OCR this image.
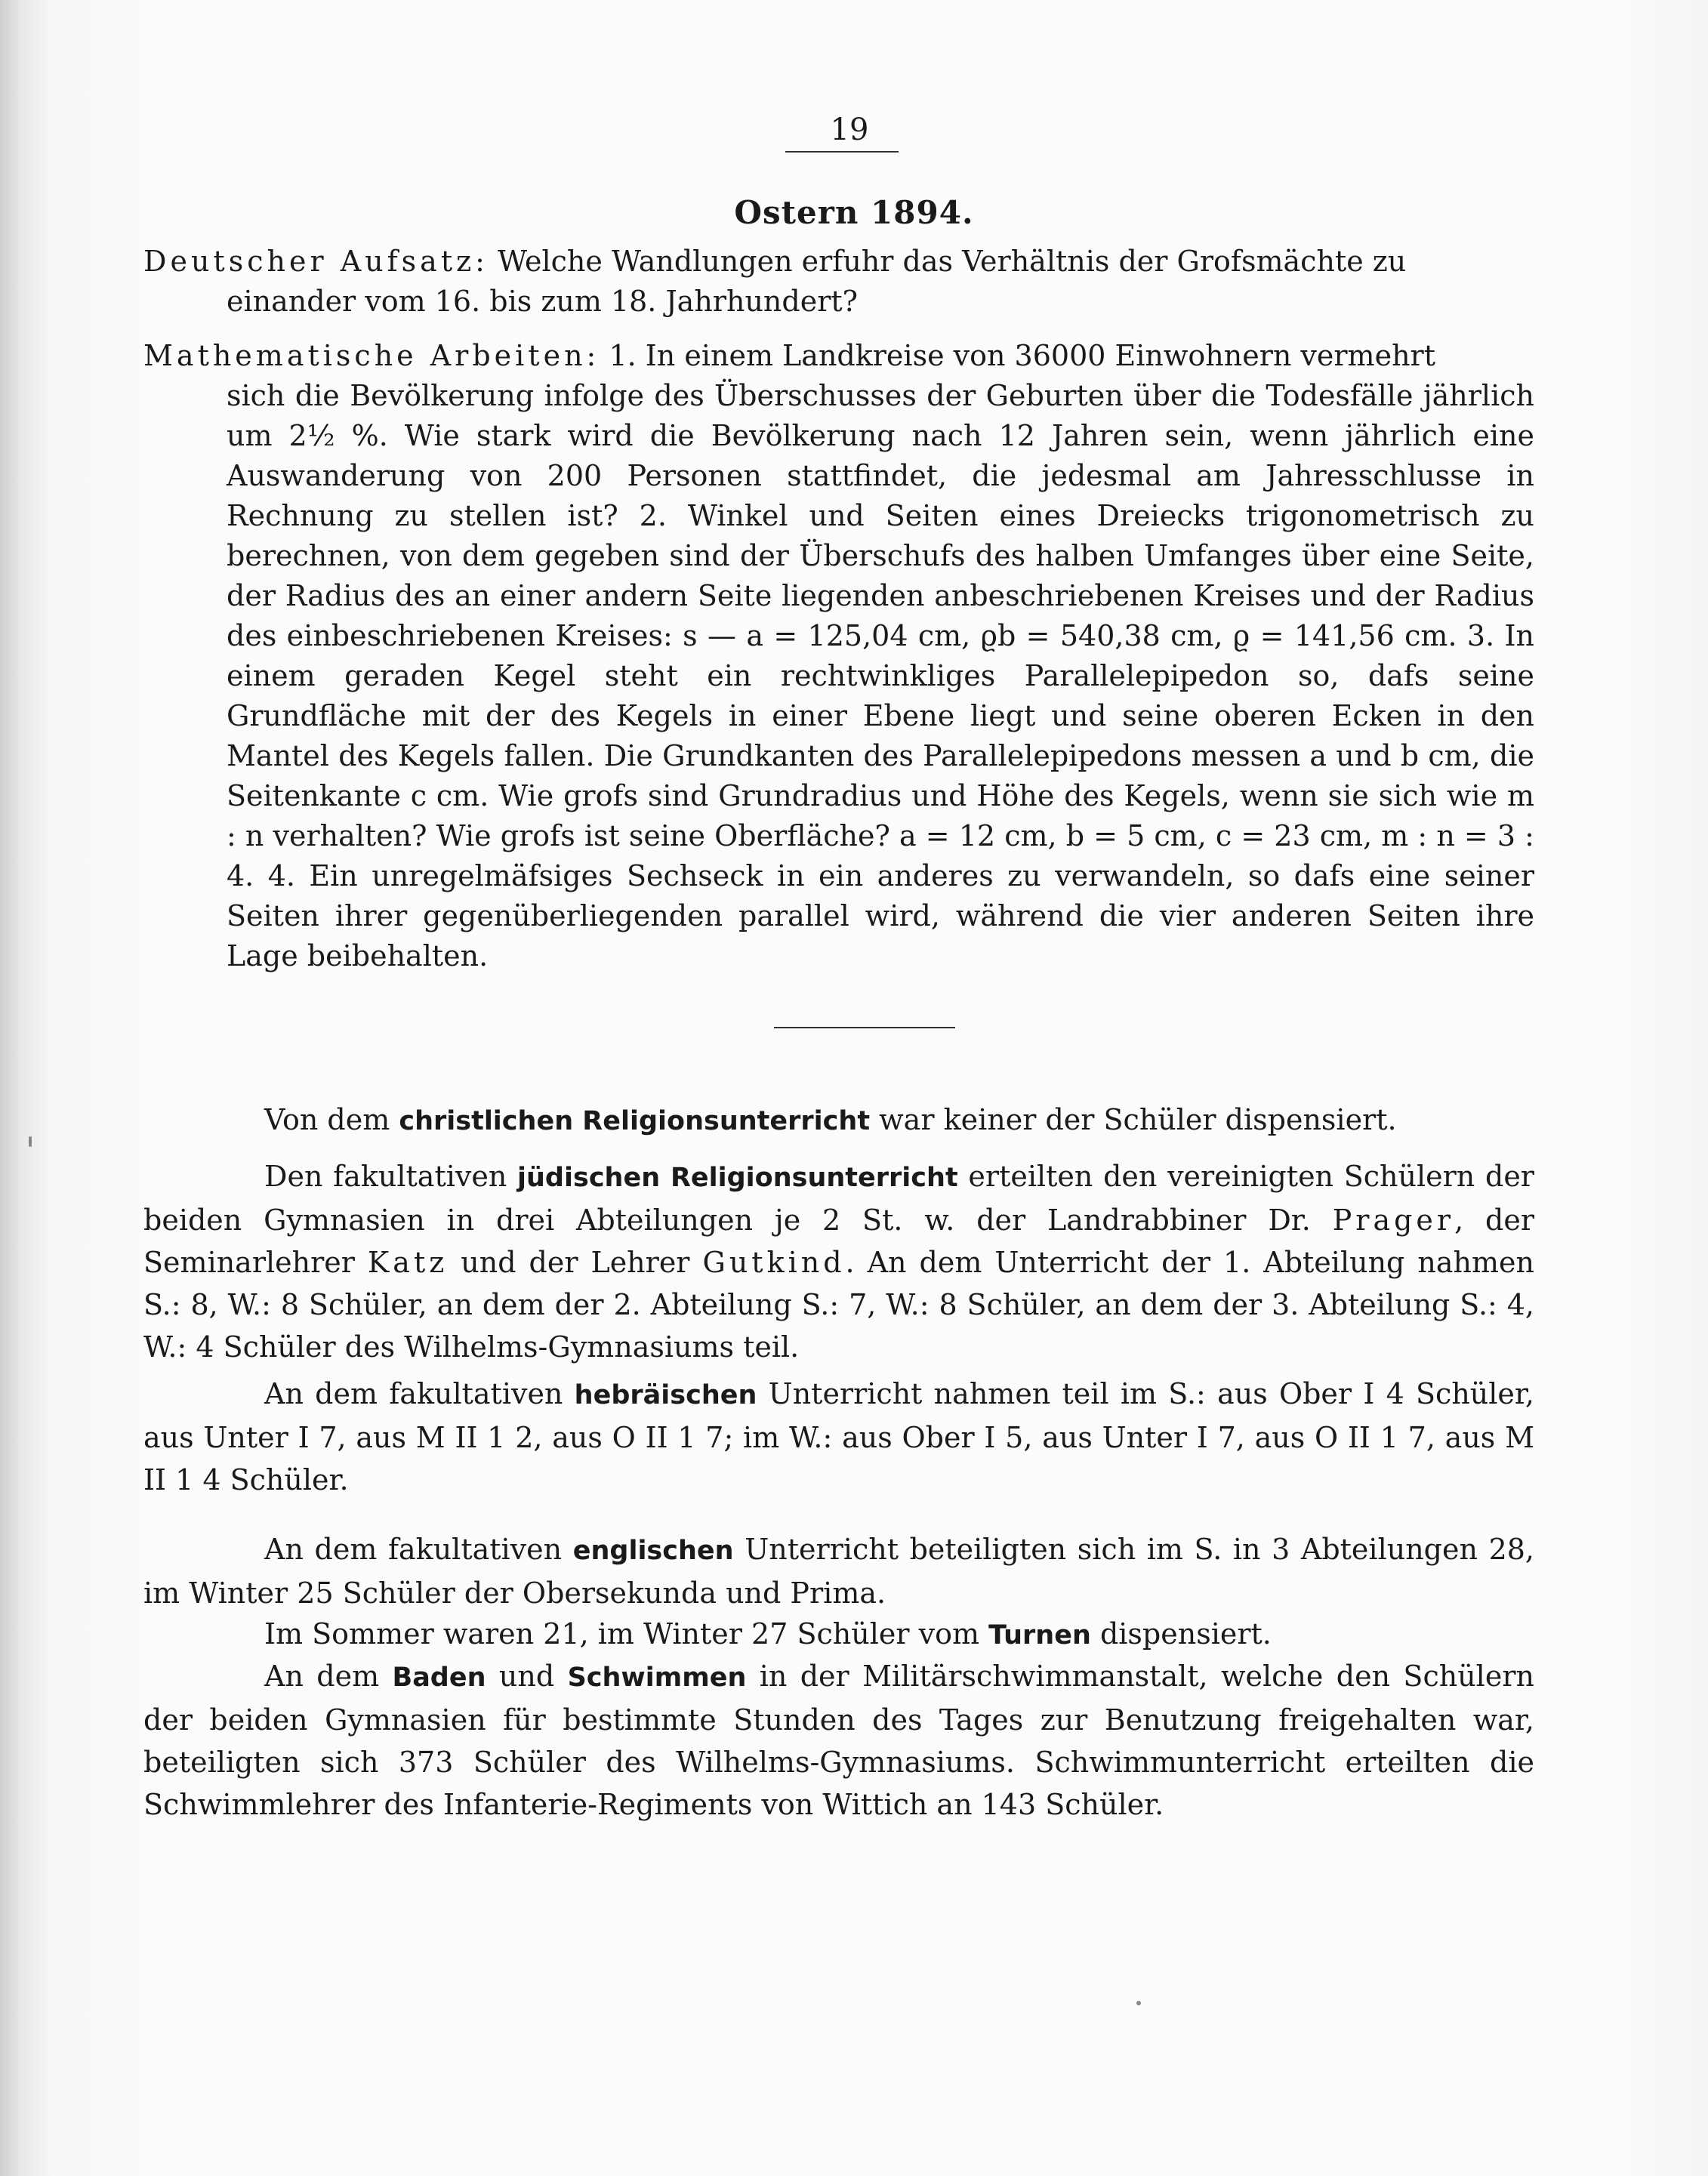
19
Ostern 1894.

Deutscher Aufsatz: Welche Wandlungen erfuhr das Verhältnis der Grofsmächte zu
einander vom 16. bis zum 18. Jahrhundert?

Mathematische Arbeiten: 1. In einem Landkreise von 36000 Einwohnern vermehrt
sich die Bevölkerung infolge des Überschusses der Geburten über die Todesfälle jährlich um 2½ %. Wie stark wird die Bevölkerung nach 12 Jahren sein, wenn jährlich eine Auswanderung von 200 Personen stattfindet, die jedesmal am Jahresschlusse in Rechnung zu stellen ist? 2. Winkel und Seiten eines Dreiecks trigonometrisch zu berechnen, von dem gegeben sind der Überschufs des halben Umfanges über eine Seite, der Radius des an einer andern Seite liegenden anbeschriebenen Kreises und der Radius des einbeschriebenen Kreises: s — a = 125,04 cm, ϱb = 540,38 cm, ϱ = 141,56 cm. 3. In einem geraden Kegel steht ein rechtwinkliges Parallelepipedon so, dafs seine Grundfläche mit der des Kegels in einer Ebene liegt und seine oberen Ecken in den Mantel des Kegels fallen. Die Grundkanten des Parallelepipedons messen a und b cm, die Seitenkante c cm. Wie grofs sind Grundradius und Höhe des Kegels, wenn sie sich wie m : n verhalten? Wie grofs ist seine Oberfläche? a = 12 cm, b = 5 cm, c = 23 cm, m : n = 3 : 4. 4. Ein unregelmäfsiges Sechseck in ein anderes zu verwandeln, so dafs eine seiner Seiten ihrer gegenüberliegenden parallel wird, während die vier anderen Seiten ihre Lage beibehalten.

Von dem christlichen Religionsunterricht war keiner der Schüler dispensiert.

Den fakultativen jüdischen Religionsunterricht erteilten den vereinigten Schülern der beiden Gymnasien in drei Abteilungen je 2 St. w. der Landrabbiner Dr. Prager, der Seminarlehrer Katz und der Lehrer Gutkind. An dem Unterricht der 1. Abteilung nahmen S.: 8, W.: 8 Schüler, an dem der 2. Abteilung S.: 7, W.: 8 Schüler, an dem der 3. Abteilung S.: 4, W.: 4 Schüler des Wilhelms-Gymnasiums teil.

An dem fakultativen hebräischen Unterricht nahmen teil im S.: aus Ober I 4 Schüler, aus Unter I 7, aus M II 1 2, aus O II 1 7; im W.: aus Ober I 5, aus Unter I 7, aus O II 1 7, aus M II 1 4 Schüler.

An dem fakultativen englischen Unterricht beteiligten sich im S. in 3 Abteilungen 28, im Winter 25 Schüler der Obersekunda und Prima.

Im Sommer waren 21, im Winter 27 Schüler vom Turnen dispensiert.

An dem Baden und Schwimmen in der Militärschwimmanstalt, welche den Schülern der beiden Gymnasien für bestimmte Stunden des Tages zur Benutzung freigehalten war, beteiligten sich 373 Schüler des Wilhelms-Gymnasiums. Schwimmunterricht erteilten die Schwimmlehrer des Infanterie-Regiments von Wittich an 143 Schüler.
